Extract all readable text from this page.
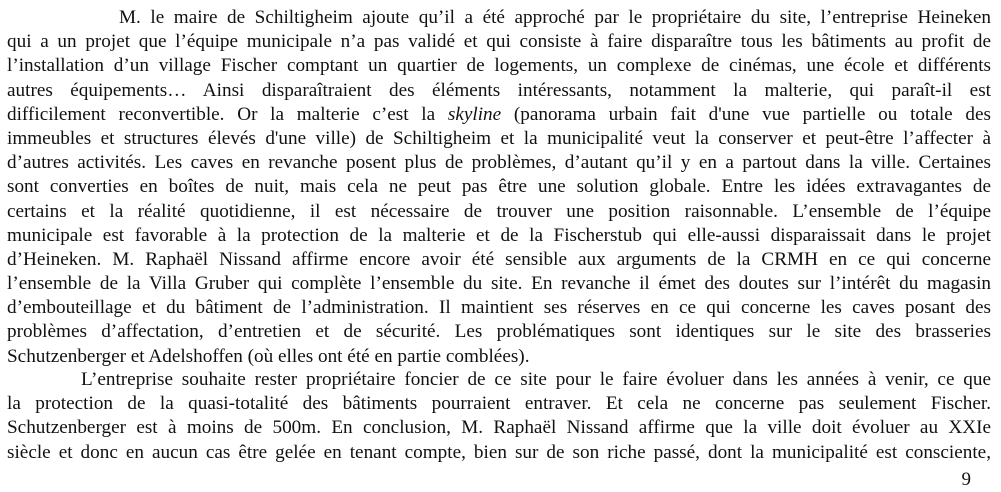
M. le maire de Schiltigheim ajoute qu’il a été approché par le propriétaire du site, l’entreprise Heineken
qui a un projet que l’équipe municipale n’a pas validé et qui consiste à faire disparaître tous les bâtiments au profit de
l’installation d’un village Fischer comptant un quartier de logements, un complexe de cinémas, une école et différents
autres équipements… Ainsi disparaîtraient des éléments intéressants, notamment la malterie, qui paraît-il est
difficilement reconvertible. Or la malterie c’est la skyline (panorama urbain fait d'une vue partielle ou totale des
immeubles et structures élevés d'une ville) de Schiltigheim et la municipalité veut la conserver et peut-être l’affecter à
d’autres activités. Les caves en revanche posent plus de problèmes, d’autant qu’il y en a partout dans la ville. Certaines
sont converties en boîtes de nuit, mais cela ne peut pas être une solution globale. Entre les idées extravagantes de
certains et la réalité quotidienne, il est nécessaire de trouver une position raisonnable. L’ensemble de l’équipe
municipale est favorable à la protection de la malterie et de la Fischerstub qui elle-aussi disparaissait dans le projet
d’Heineken. M. Raphaël Nissand affirme encore avoir été sensible aux arguments de la CRMH en ce qui concerne
l’ensemble de la Villa Gruber qui complète l’ensemble du site. En revanche il émet des doutes sur l’intérêt du magasin
d’embouteillage et du bâtiment de l’administration. Il maintient ses réserves en ce qui concerne les caves posant des
problèmes d’affectation, d’entretien et de sécurité. Les problématiques sont identiques sur le site des brasseries
Schutzenberger et Adelshoffen (où elles ont été en partie comblées).
L’entreprise souhaite rester propriétaire foncier de ce site pour le faire évoluer dans les années à venir, ce que
la protection de la quasi-totalité des bâtiments pourraient entraver. Et cela ne concerne pas seulement Fischer.
Schutzenberger est à moins de 500m. En conclusion, M. Raphaël Nissand affirme que la ville doit évoluer au XXIe
siècle et donc en aucun cas être gelée en tenant compte, bien sur de son riche passé, dont la municipalité est consciente,
9
